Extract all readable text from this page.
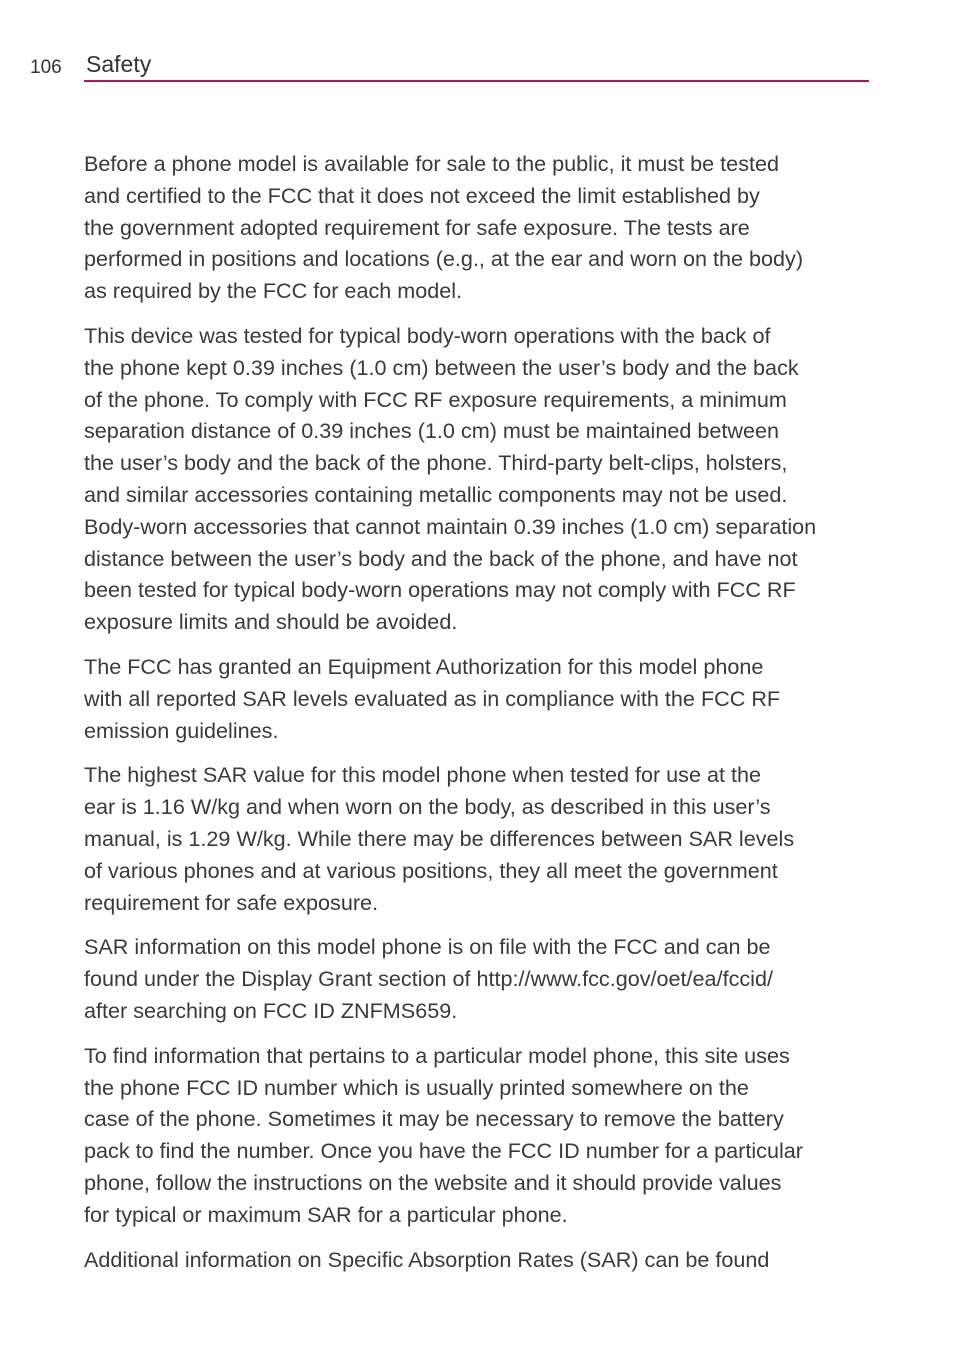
106 Safety

Before a phone model is available for sale to the public, it must be tested
and certified to the FCC that it does not exceed the limit established by
the government adopted requirement for safe exposure. The tests are
performed in positions and locations (e.g., at the ear and worn on the body)
as required by the FCC for each model.

This device was tested for typical body-worn operations with the back of
the phone kept 0.39 inches (1.0 cm) between the user’s body and the back
of the phone. To comply with FCC RF exposure requirements, a minimum
separation distance of 0.39 inches (1.0 cm) must be maintained between
the user’s body and the back of the phone. Third-party belt-clips, holsters,
and similar accessories containing metallic components may not be used.
Body-worn accessories that cannot maintain 0.39 inches (1.0 cm) separation
distance between the user’s body and the back of the phone, and have not
been tested for typical body-worn operations may not comply with FCC RF
exposure limits and should be avoided.

The FCC has granted an Equipment Authorization for this model phone
with all reported SAR levels evaluated as in compliance with the FCC RF
emission guidelines.

The highest SAR value for this model phone when tested for use at the
ear is 1.16 W/kg and when worn on the body, as described in this user’s
manual, is 1.29 W/kg. While there may be differences between SAR levels
of various phones and at various positions, they all meet the government
requirement for safe exposure.

SAR information on this model phone is on file with the FCC and can be
found under the Display Grant section of http://www.fcc.gov/oet/ea/fccid/
after searching on FCC ID ZNFMS659.

To find information that pertains to a particular model phone, this site uses
the phone FCC ID number which is usually printed somewhere on the
case of the phone. Sometimes it may be necessary to remove the battery
pack to find the number. Once you have the FCC ID number for a particular
phone, follow the instructions on the website and it should provide values
for typical or maximum SAR for a particular phone.

Additional information on Specific Absorption Rates (SAR) can be found
